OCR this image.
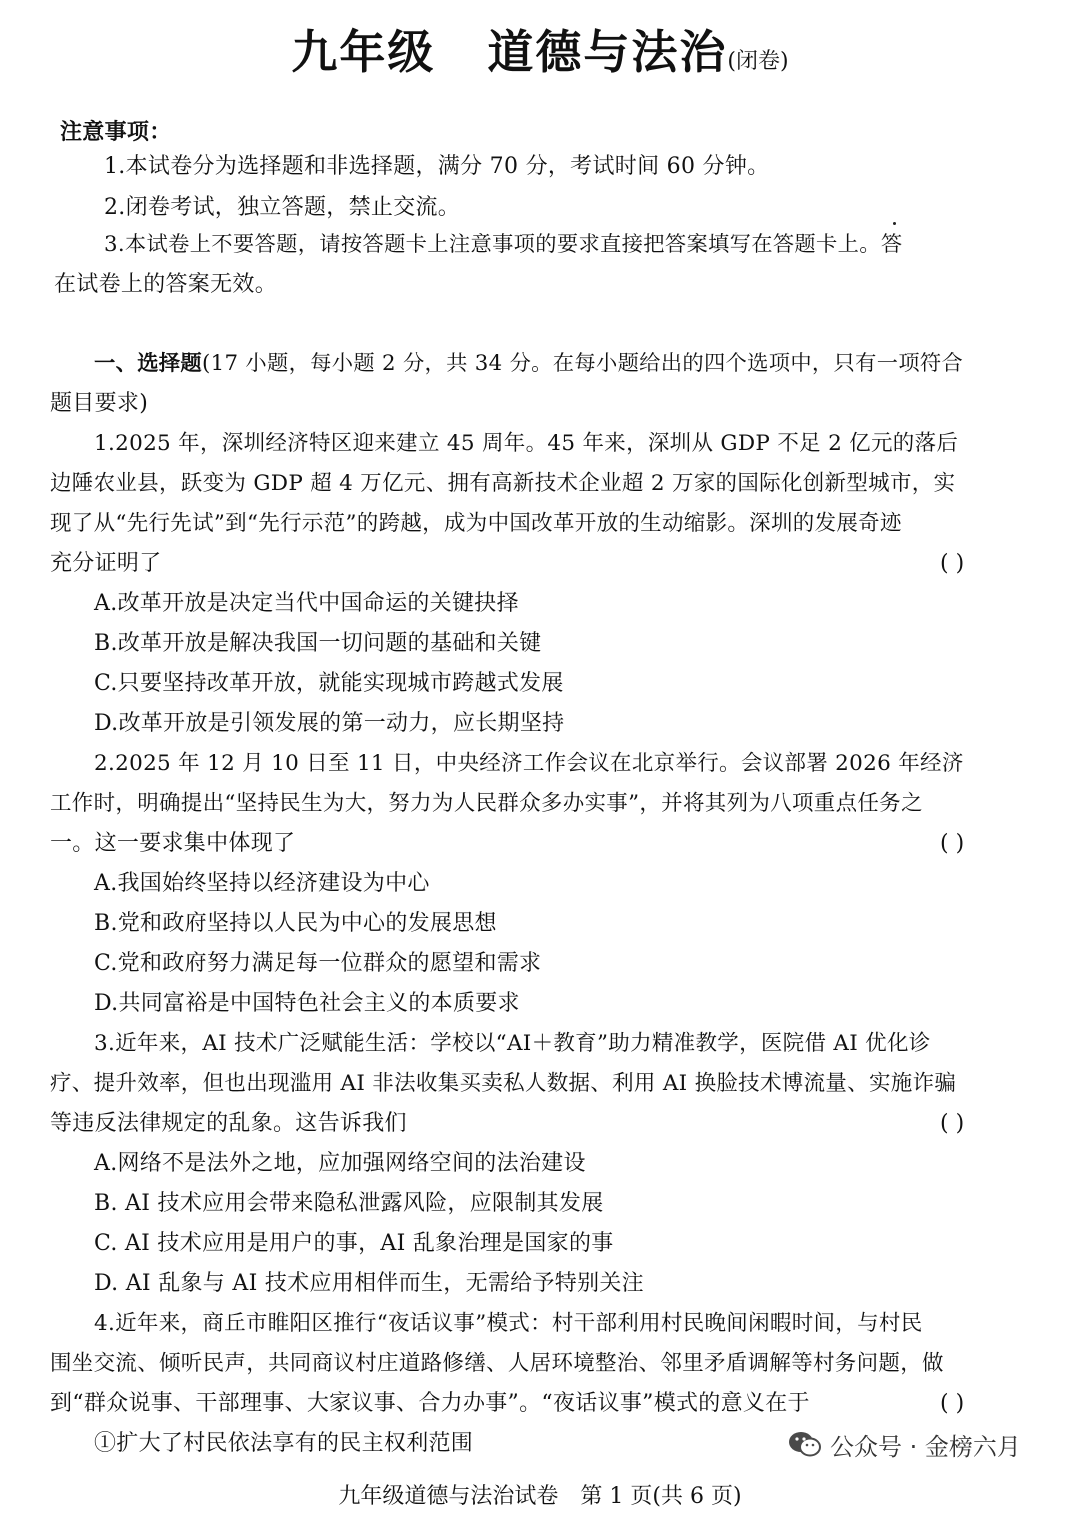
九年级 道德与法治(闭卷)
注意事项：
1.本试卷分为选择题和非选择题，满分 70 分，考试时间 60 分钟。
2.闭卷考试，独立答题，禁止交流。
3.本试卷上不要答题，请按答题卡上注意事项的要求直接把答案填写在答题卡上。答
在试卷上的答案无效。
一、选择题(17 小题，每小题 2 分，共 34 分。在每小题给出的四个选项中，只有一项符合
题目要求)
1.2025 年，深圳经济特区迎来建立 45 周年。45 年来，深圳从 GDP 不足 2 亿元的落后
边陲农业县，跃变为 GDP 超 4 万亿元、拥有高新技术企业超 2 万家的国际化创新型城市，实
现了从“先行先试”到“先行示范”的跨越，成为中国改革开放的生动缩影。深圳的发展奇迹
充分证明了	( )
A.改革开放是决定当代中国命运的关键抉择
B.改革开放是解决我国一切问题的基础和关键
C.只要坚持改革开放，就能实现城市跨越式发展
D.改革开放是引领发展的第一动力，应长期坚持
2.2025 年 12 月 10 日至 11 日，中央经济工作会议在北京举行。会议部署 2026 年经济
工作时，明确提出“坚持民生为大，努力为人民群众多办实事”，并将其列为八项重点任务之
一。这一要求集中体现了	( )
A.我国始终坚持以经济建设为中心
B.党和政府坚持以人民为中心的发展思想
C.党和政府努力满足每一位群众的愿望和需求
D.共同富裕是中国特色社会主义的本质要求
3.近年来，AI 技术广泛赋能生活：学校以“AI＋教育”助力精准教学，医院借 AI 优化诊
疗、提升效率，但也出现滥用 AI 非法收集买卖私人数据、利用 AI 换脸技术博流量、实施诈骗
等违反法律规定的乱象。这告诉我们	( )
A.网络不是法外之地，应加强网络空间的法治建设
B. AI 技术应用会带来隐私泄露风险，应限制其发展
C. AI 技术应用是用户的事，AI 乱象治理是国家的事
D. AI 乱象与 AI 技术应用相伴而生，无需给予特别关注
4.近年来，商丘市睢阳区推行“夜话议事”模式：村干部利用村民晚间闲暇时间，与村民
围坐交流、倾听民声，共同商议村庄道路修缮、人居环境整治、邻里矛盾调解等村务问题，做
到“群众说事、干部理事、大家议事、合力办事”。“夜话议事”模式的意义在于	( )
①扩大了村民依法享有的民主权利范围	公众号 · 金榜六月
九年级道德与法治试卷　第 1 页(共 6 页)
